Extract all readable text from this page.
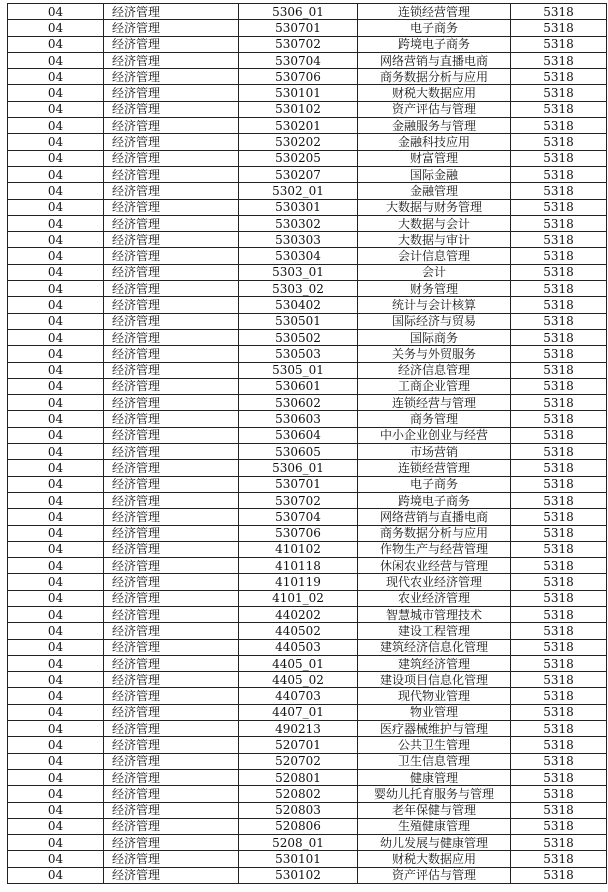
04	经济管理	5306_01	连锁经营管理	5318
04	经济管理	530701	电子商务	5318
04	经济管理	530702	跨境电子商务	5318
04	经济管理	530704	网络营销与直播电商	5318
04	经济管理	530706	商务数据分析与应用	5318
04	经济管理	530101	财税大数据应用	5318
04	经济管理	530102	资产评估与管理	5318
04	经济管理	530201	金融服务与管理	5318
04	经济管理	530202	金融科技应用	5318
04	经济管理	530205	财富管理	5318
04	经济管理	530207	国际金融	5318
04	经济管理	5302_01	金融管理	5318
04	经济管理	530301	大数据与财务管理	5318
04	经济管理	530302	大数据与会计	5318
04	经济管理	530303	大数据与审计	5318
04	经济管理	530304	会计信息管理	5318
04	经济管理	5303_01	会计	5318
04	经济管理	5303_02	财务管理	5318
04	经济管理	530402	统计与会计核算	5318
04	经济管理	530501	国际经济与贸易	5318
04	经济管理	530502	国际商务	5318
04	经济管理	530503	关务与外贸服务	5318
04	经济管理	5305_01	经济信息管理	5318
04	经济管理	530601	工商企业管理	5318
04	经济管理	530602	连锁经营与管理	5318
04	经济管理	530603	商务管理	5318
04	经济管理	530604	中小企业创业与经营	5318
04	经济管理	530605	市场营销	5318
04	经济管理	5306_01	连锁经营管理	5318
04	经济管理	530701	电子商务	5318
04	经济管理	530702	跨境电子商务	5318
04	经济管理	530704	网络营销与直播电商	5318
04	经济管理	530706	商务数据分析与应用	5318
04	经济管理	410102	作物生产与经营管理	5318
04	经济管理	410118	休闲农业经营与管理	5318
04	经济管理	410119	现代农业经济管理	5318
04	经济管理	4101_02	农业经济管理	5318
04	经济管理	440202	智慧城市管理技术	5318
04	经济管理	440502	建设工程管理	5318
04	经济管理	440503	建筑经济信息化管理	5318
04	经济管理	4405_01	建筑经济管理	5318
04	经济管理	4405_02	建设项目信息化管理	5318
04	经济管理	440703	现代物业管理	5318
04	经济管理	4407_01	物业管理	5318
04	经济管理	490213	医疗器械维护与管理	5318
04	经济管理	520701	公共卫生管理	5318
04	经济管理	520702	卫生信息管理	5318
04	经济管理	520801	健康管理	5318
04	经济管理	520802	婴幼儿托育服务与管理	5318
04	经济管理	520803	老年保健与管理	5318
04	经济管理	520806	生殖健康管理	5318
04	经济管理	5208_01	幼儿发展与健康管理	5318
04	经济管理	530101	财税大数据应用	5318
04	经济管理	530102	资产评估与管理	5318
